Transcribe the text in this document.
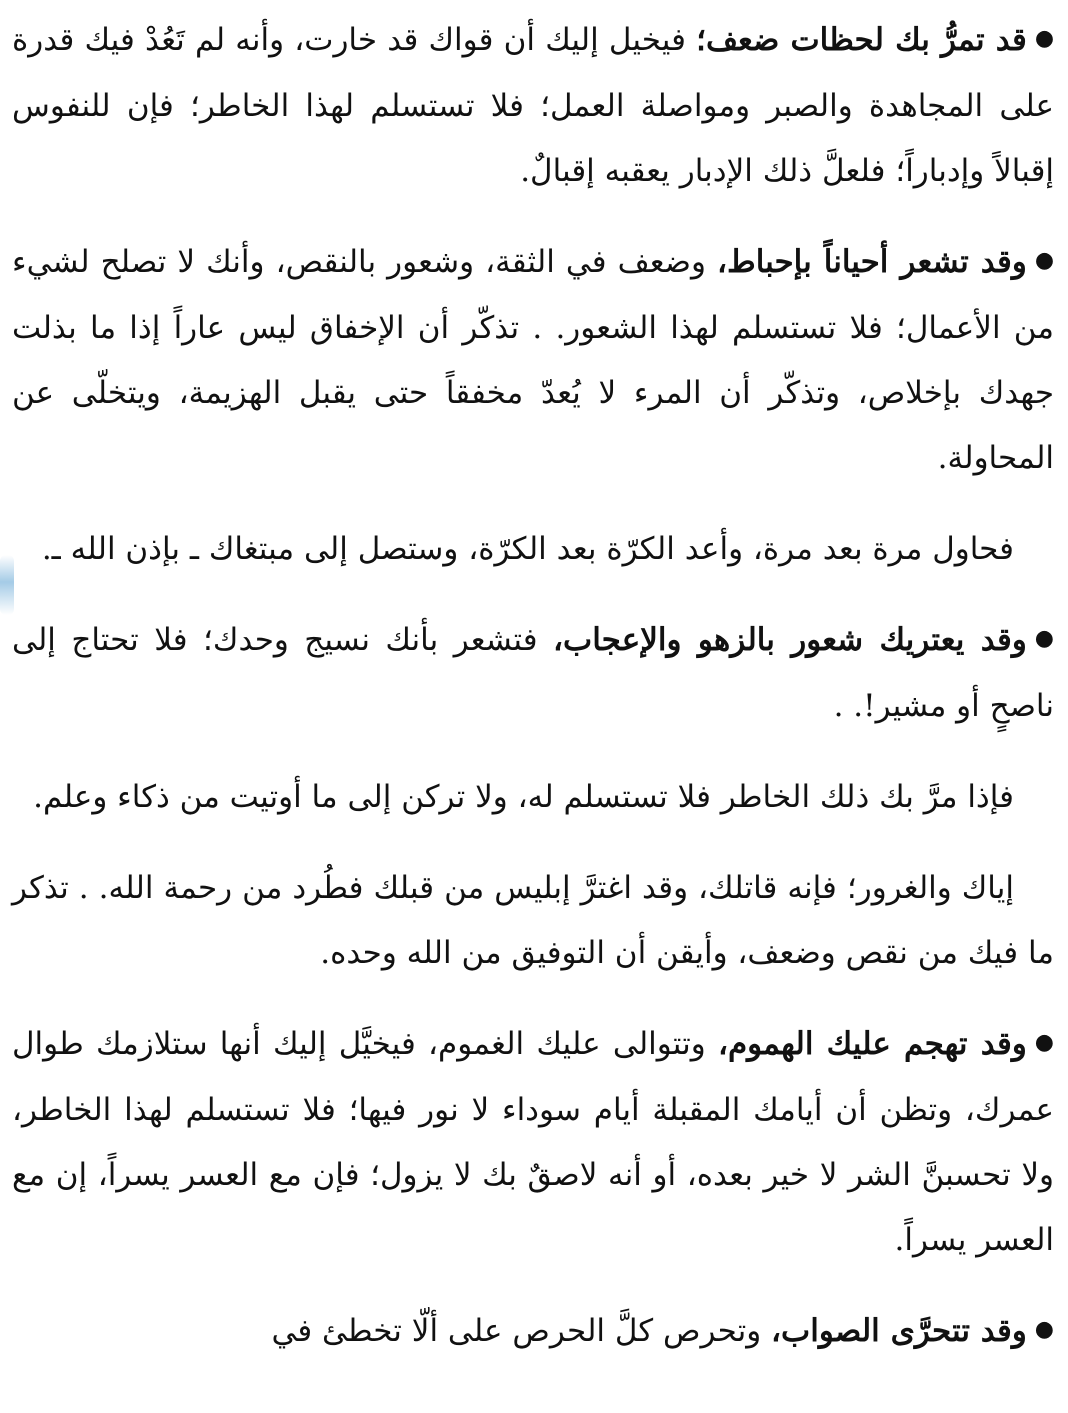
●قد تمرُّ بك لحظات ضعف؛ فيخيل إليك أن قواك قد خارت، وأنه لم تَعُدْ فيك قدرة على المجاهدة والصبر ومواصلة العمل؛ فلا تستسلم لهذا الخاطر؛ فإن للنفوس إقبالاً وإدباراً؛ فلعلَّ ذلك الإدبار يعقبه إقبالٌ.

●وقد تشعر أحياناً بإحباط، وضعف في الثقة، وشعور بالنقص، وأنك لا تصلح لشيء من الأعمال؛ فلا تستسلم لهذا الشعور. . تذكّر أن الإخفاق ليس عاراً إذا ما بذلت جهدك بإخلاص، وتذكّر أن المرء لا يُعدّ مخفقاً حتى يقبل الهزيمة، ويتخلّى عن المحاولة.

فحاول مرة بعد مرة، وأعد الكرّة بعد الكرّة، وستصل إلى مبتغاك ـ بإذن الله ـ.

●وقد يعتريك شعور بالزهو والإعجاب، فتشعر بأنك نسيج وحدك؛ فلا تحتاج إلى ناصحٍ أو مشير!. .

فإذا مرَّ بك ذلك الخاطر فلا تستسلم له، ولا تركن إلى ما أوتيت من ذكاء وعلم.

إياك والغرور؛ فإنه قاتلك، وقد اغترَّ إبليس من قبلك فطُرد من رحمة الله. . تذكر ما فيك من نقص وضعف، وأيقن أن التوفيق من الله وحده.

●وقد تهجم عليك الهموم، وتتوالى عليك الغموم، فيخيَّل إليك أنها ستلازمك طوال عمرك، وتظن أن أيامك المقبلة أيام سوداء لا نور فيها؛ فلا تستسلم لهذا الخاطر، ولا تحسبنَّ الشر لا خير بعده، أو أنه لاصقٌ بك لا يزول؛ فإن مع العسر يسراً، إن مع العسر يسراً.

●وقد تتحرَّى الصواب، وتحرص كلَّ الحرص على ألّا تخطئ في
